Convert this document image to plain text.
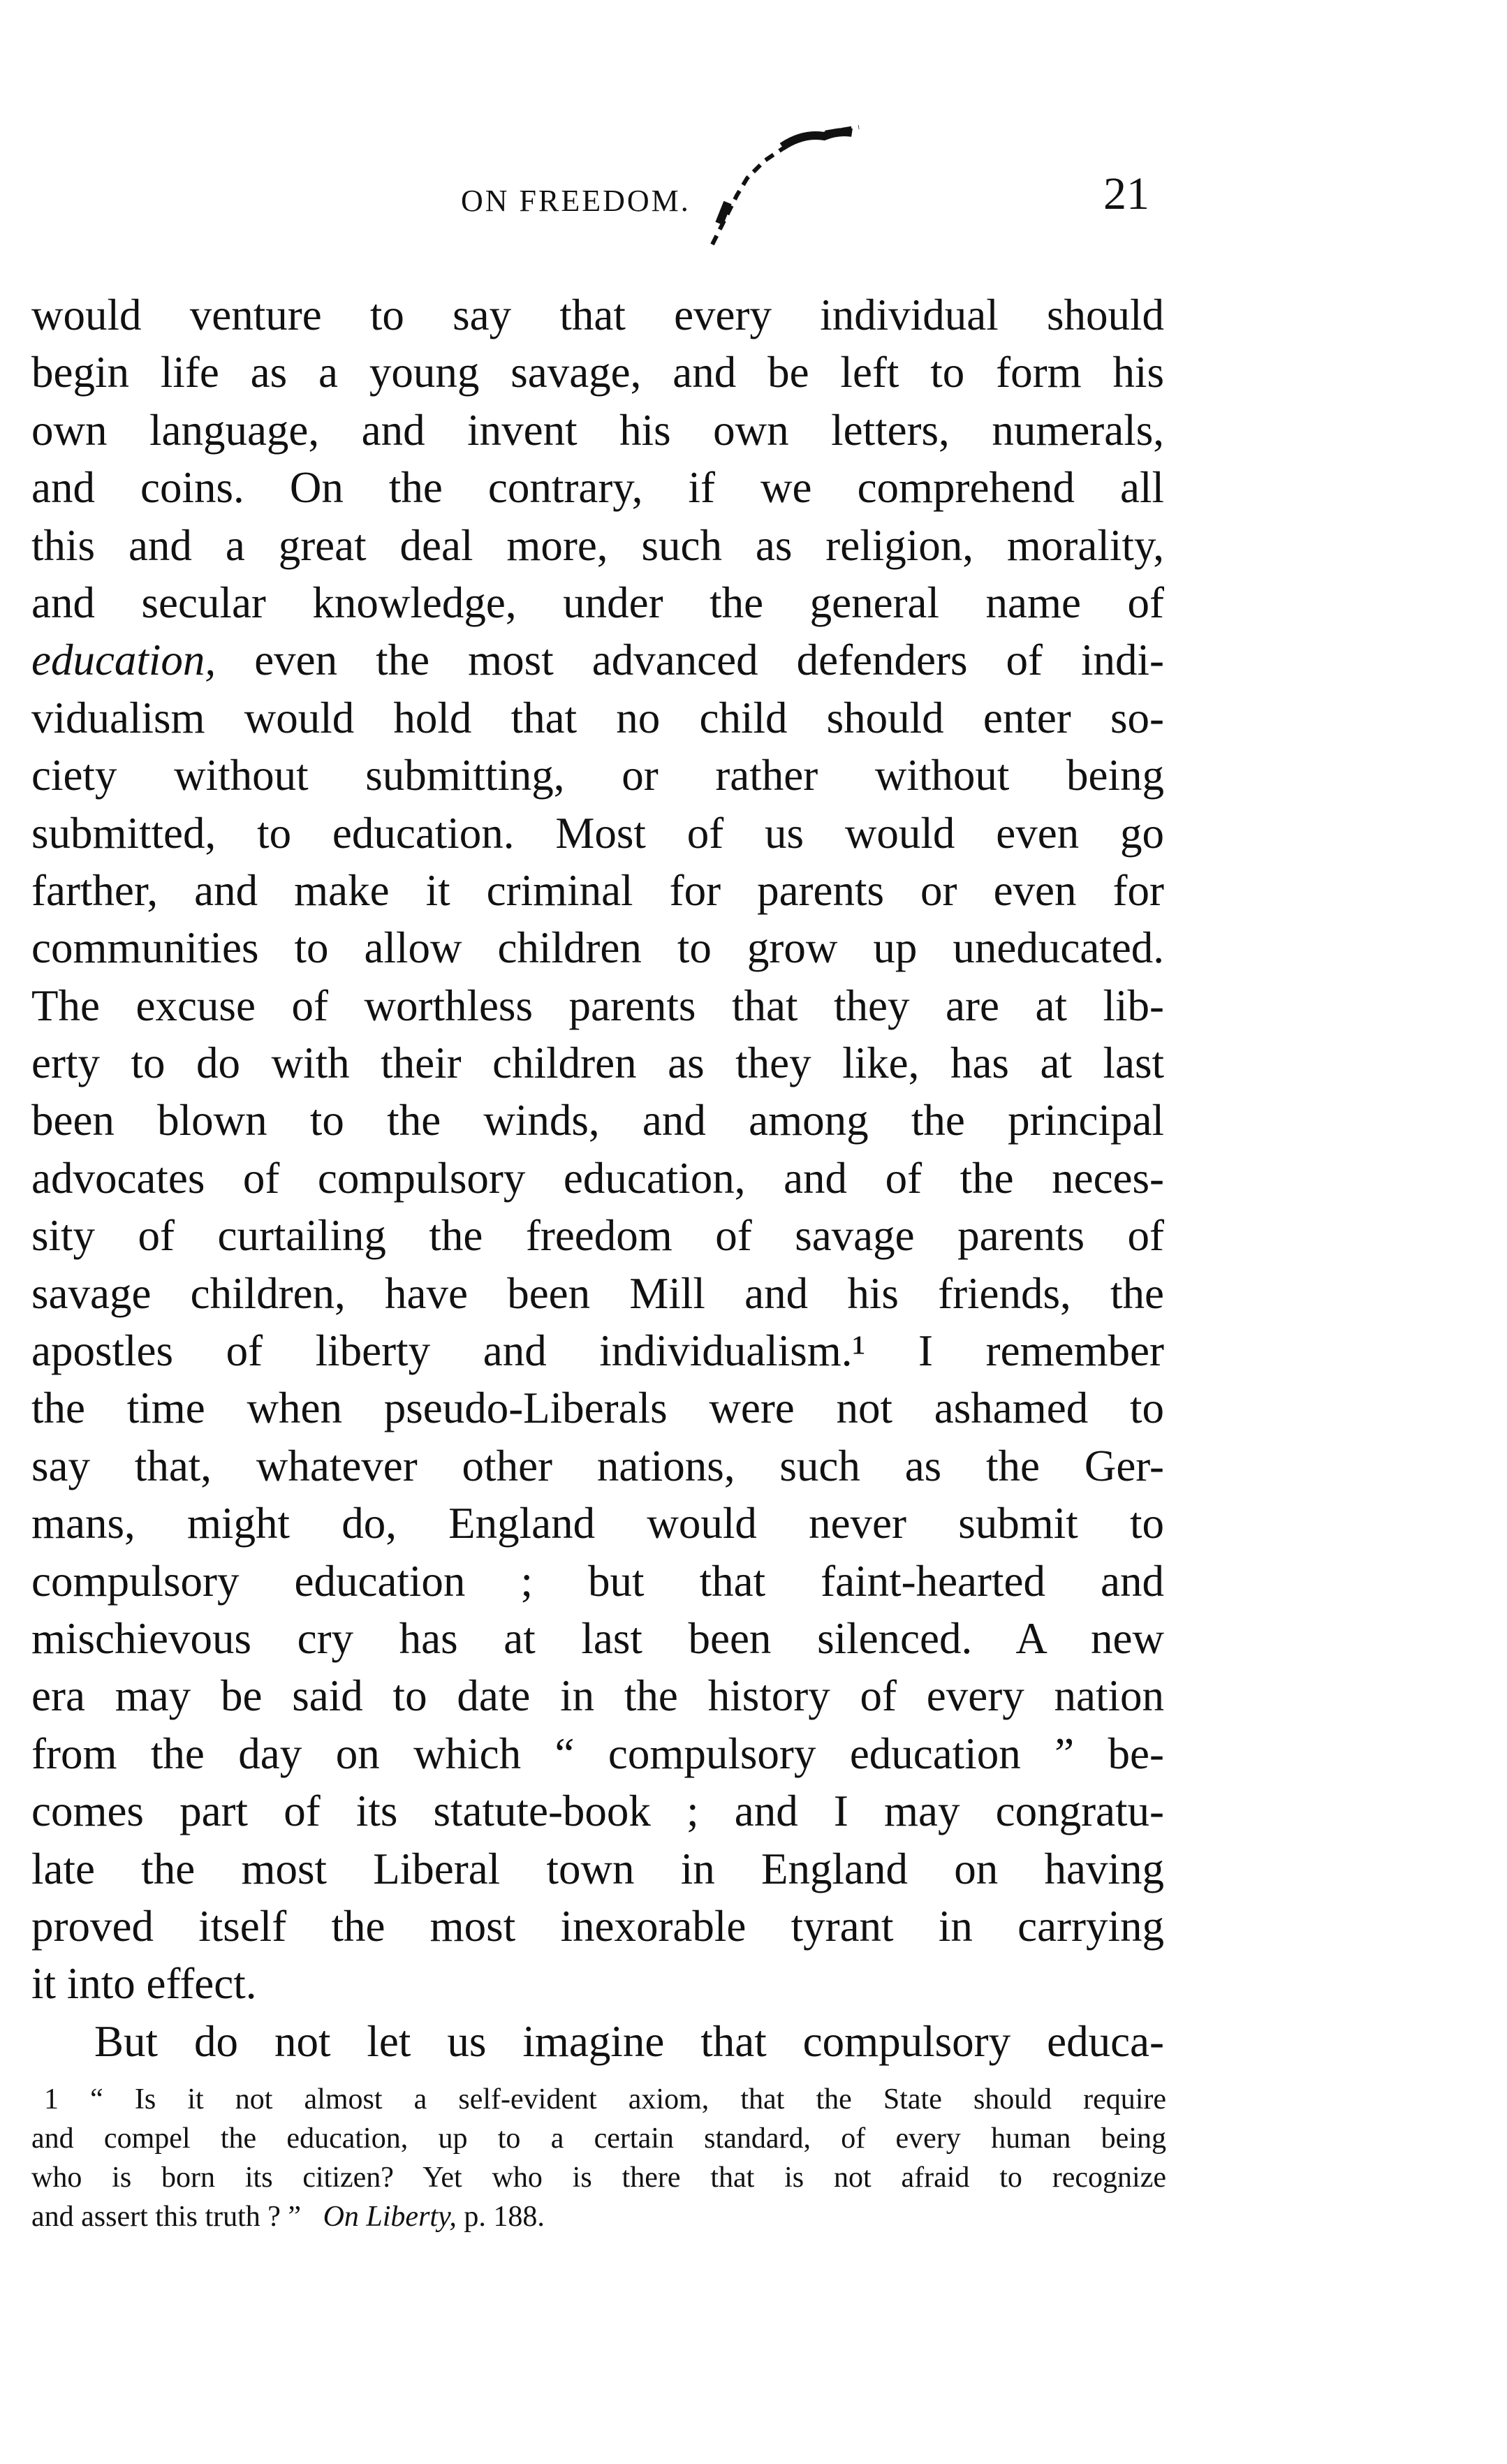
ON FREEDOM.	21
would venture to say that every individual should
begin life as a young savage, and be left to form his
own language, and invent his own letters, numerals,
and coins. On the contrary, if we comprehend all
this and a great deal more, such as religion, morality,
and secular knowledge, under the general name of
education, even the most advanced defenders of indi-
vidualism would hold that no child should enter so-
ciety without submitting, or rather without being
submitted, to education. Most of us would even go
farther, and make it criminal for parents or even for
communities to allow children to grow up uneducated.
The excuse of worthless parents that they are at lib-
erty to do with their children as they like, has at last
been blown to the winds, and among the principal
advocates of compulsory education, and of the neces-
sity of curtailing the freedom of savage parents of
savage children, have been Mill and his friends, the
apostles of liberty and individualism.¹ I remember
the time when pseudo-Liberals were not ashamed to
say that, whatever other nations, such as the Ger-
mans, might do, England would never submit to
compulsory education ; but that faint-hearted and
mischievous cry has at last been silenced. A new
era may be said to date in the history of every nation
from the day on which “ compulsory education ” be-
comes part of its statute-book ; and I may congratu-
late the most Liberal town in England on having
proved itself the most inexorable tyrant in carrying
it into effect.
But do not let us imagine that compulsory educa-
1 “ Is it not almost a self-evident axiom, that the State should require
and compel the education, up to a certain standard, of every human being
who is born its citizen? Yet who is there that is not afraid to recognize
and assert this truth ? ”   On Liberty, p. 188.
